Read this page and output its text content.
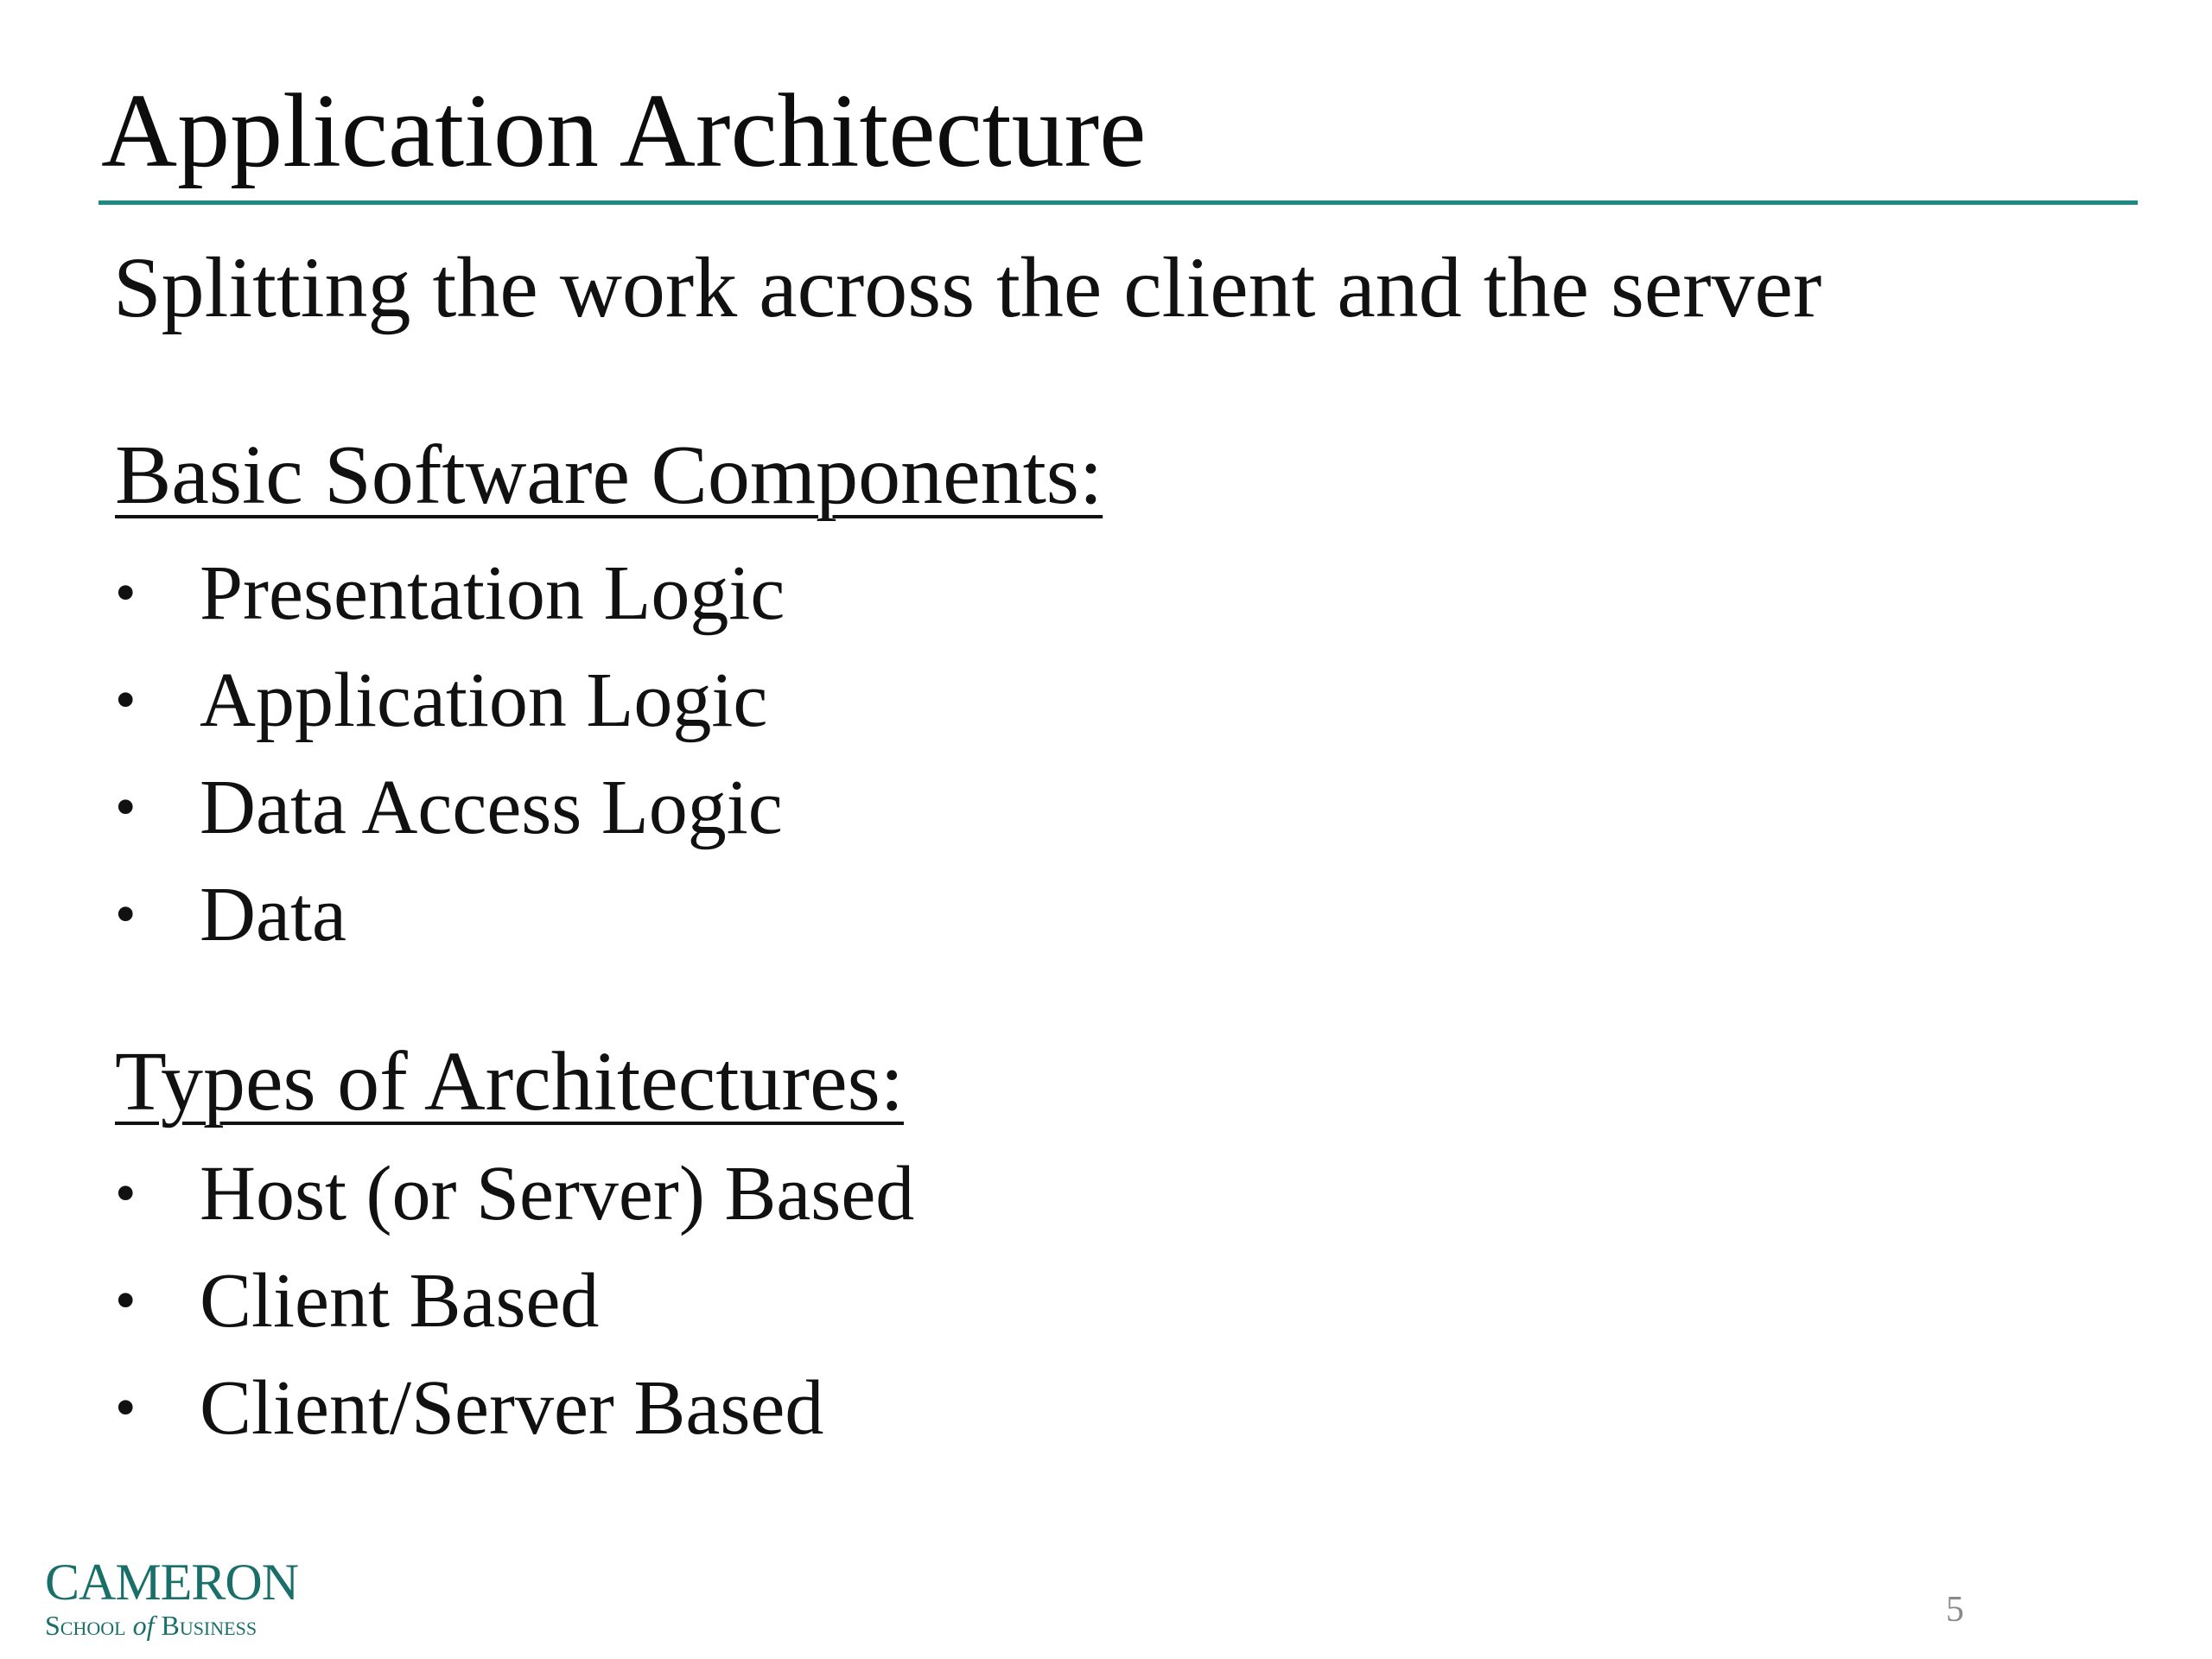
Application Architecture
Splitting the work across the client and the server
Basic Software Components:
• Presentation Logic
• Application Logic
• Data Access Logic
• Data
Types of Architectures:
• Host (or Server) Based
• Client Based
• Client/Server Based
CAMERON
School of Business	5
